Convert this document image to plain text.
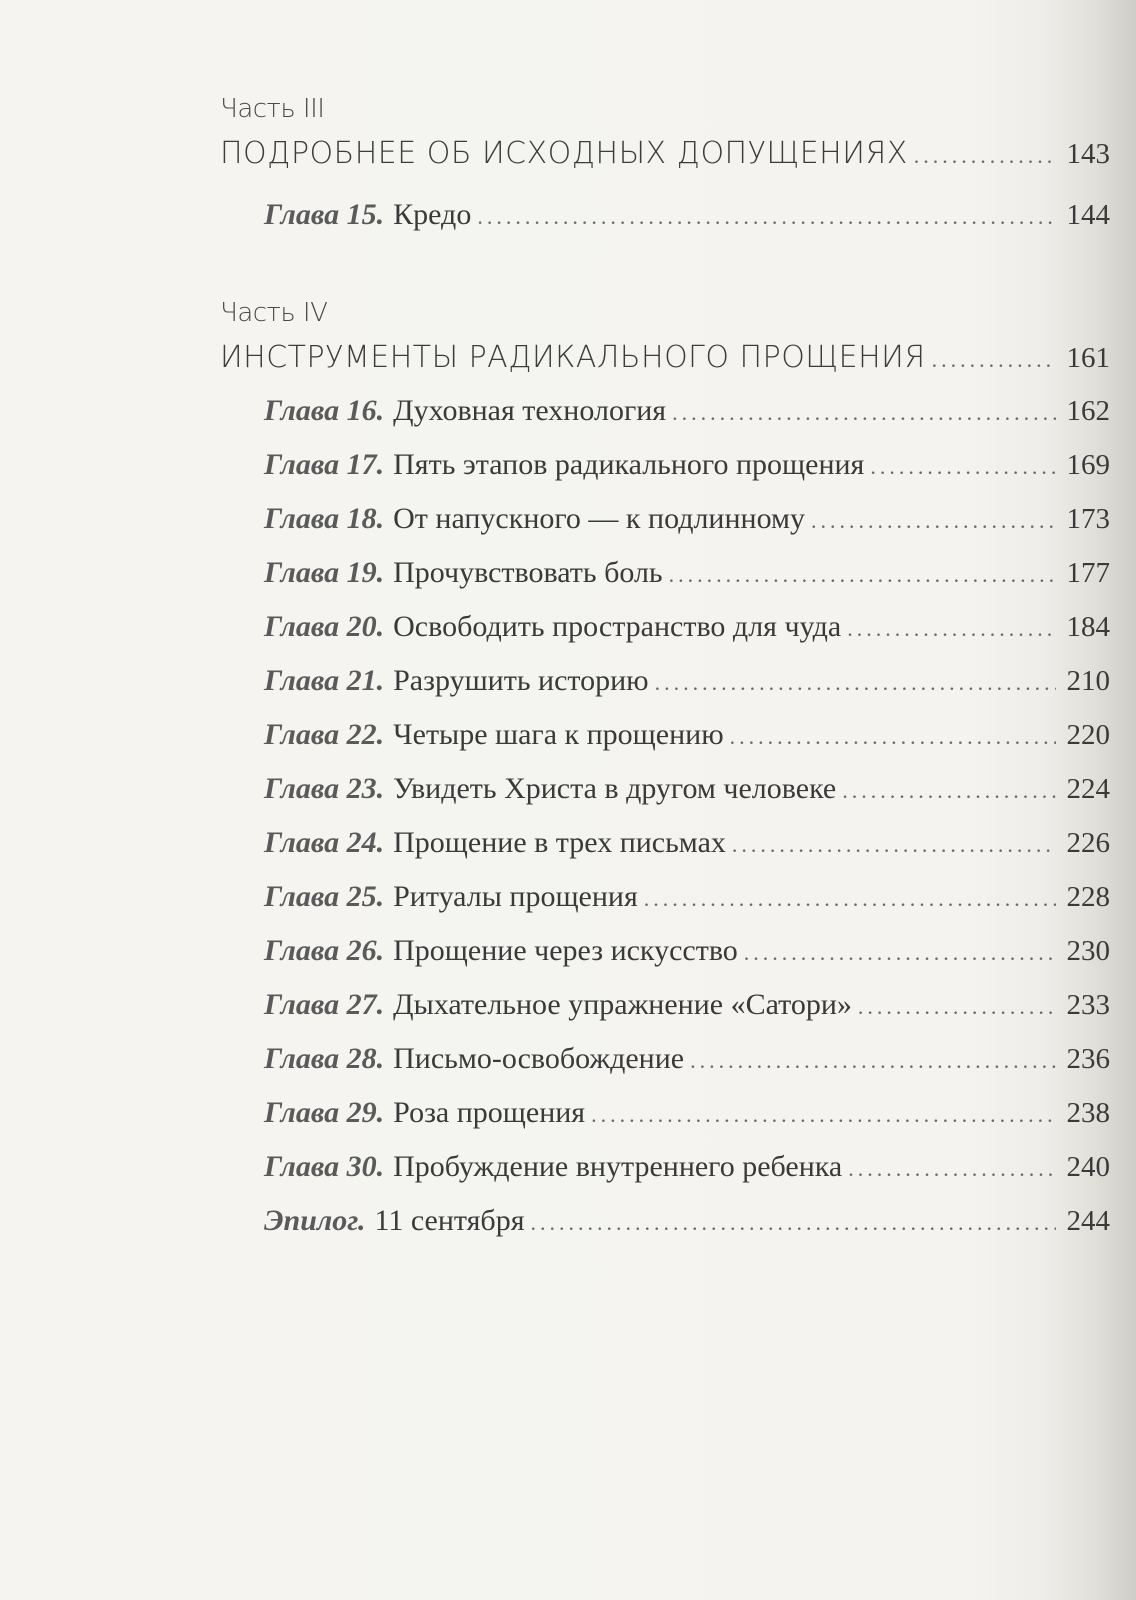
Часть III
ПОДРОБНЕЕ ОБ ИСХОДНЫХ ДОПУЩЕНИЯХ .....	143
Глава 15. Кредо .....	144
Часть IV
ИНСТРУМЕНТЫ РАДИКАЛЬНОГО ПРОЩЕНИЯ .....	161
Глава 16. Духовная технология .....	162
Глава 17. Пять этапов радикального прощения .....	169
Глава 18. От напускного — к подлинному .....	173
Глава 19. Прочувствовать боль .....	177
Глава 20. Освободить пространство для чуда .....	184
Глава 21. Разрушить историю .....	210
Глава 22. Четыре шага к прощению .....	220
Глава 23. Увидеть Христа в другом человеке .....	224
Глава 24. Прощение в трех письмах .....	226
Глава 25. Ритуалы прощения .....	228
Глава 26. Прощение через искусство .....	230
Глава 27. Дыхательное упражнение «Сатори» .....	233
Глава 28. Письмо-освобождение .....	236
Глава 29. Роза прощения .....	238
Глава 30. Пробуждение внутреннего ребенка .....	240
Эпилог. 11 сентября .....	244
